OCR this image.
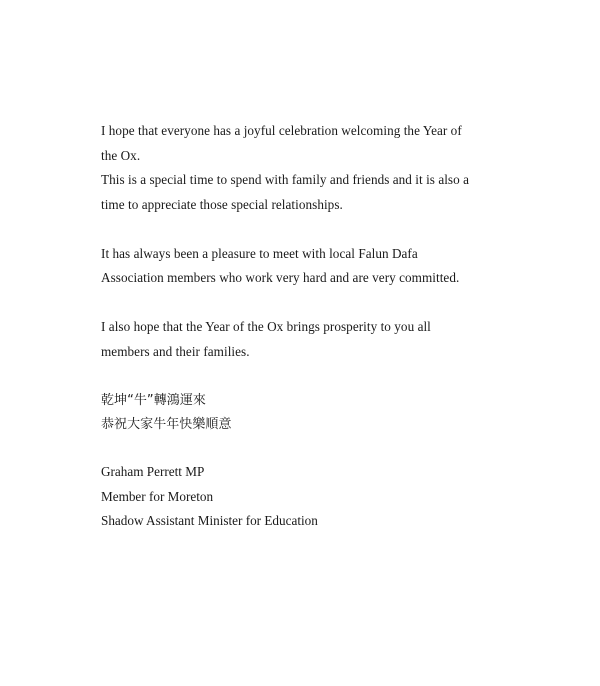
I hope that everyone has a joyful celebration welcoming the Year of

the Ox.

This is a special time to spend with family and friends and it is also a

time to appreciate those special relationships.

It has always been a pleasure to meet with local Falun Dafa

Association members who work very hard and are very committed.

I also hope that the Year of the Ox brings prosperity to you all

members and their families.

乾坤“牛”轉鴻運來

恭祝大家牛年快樂順意

Graham Perrett MP

Member for Moreton

Shadow Assistant Minister for Education
